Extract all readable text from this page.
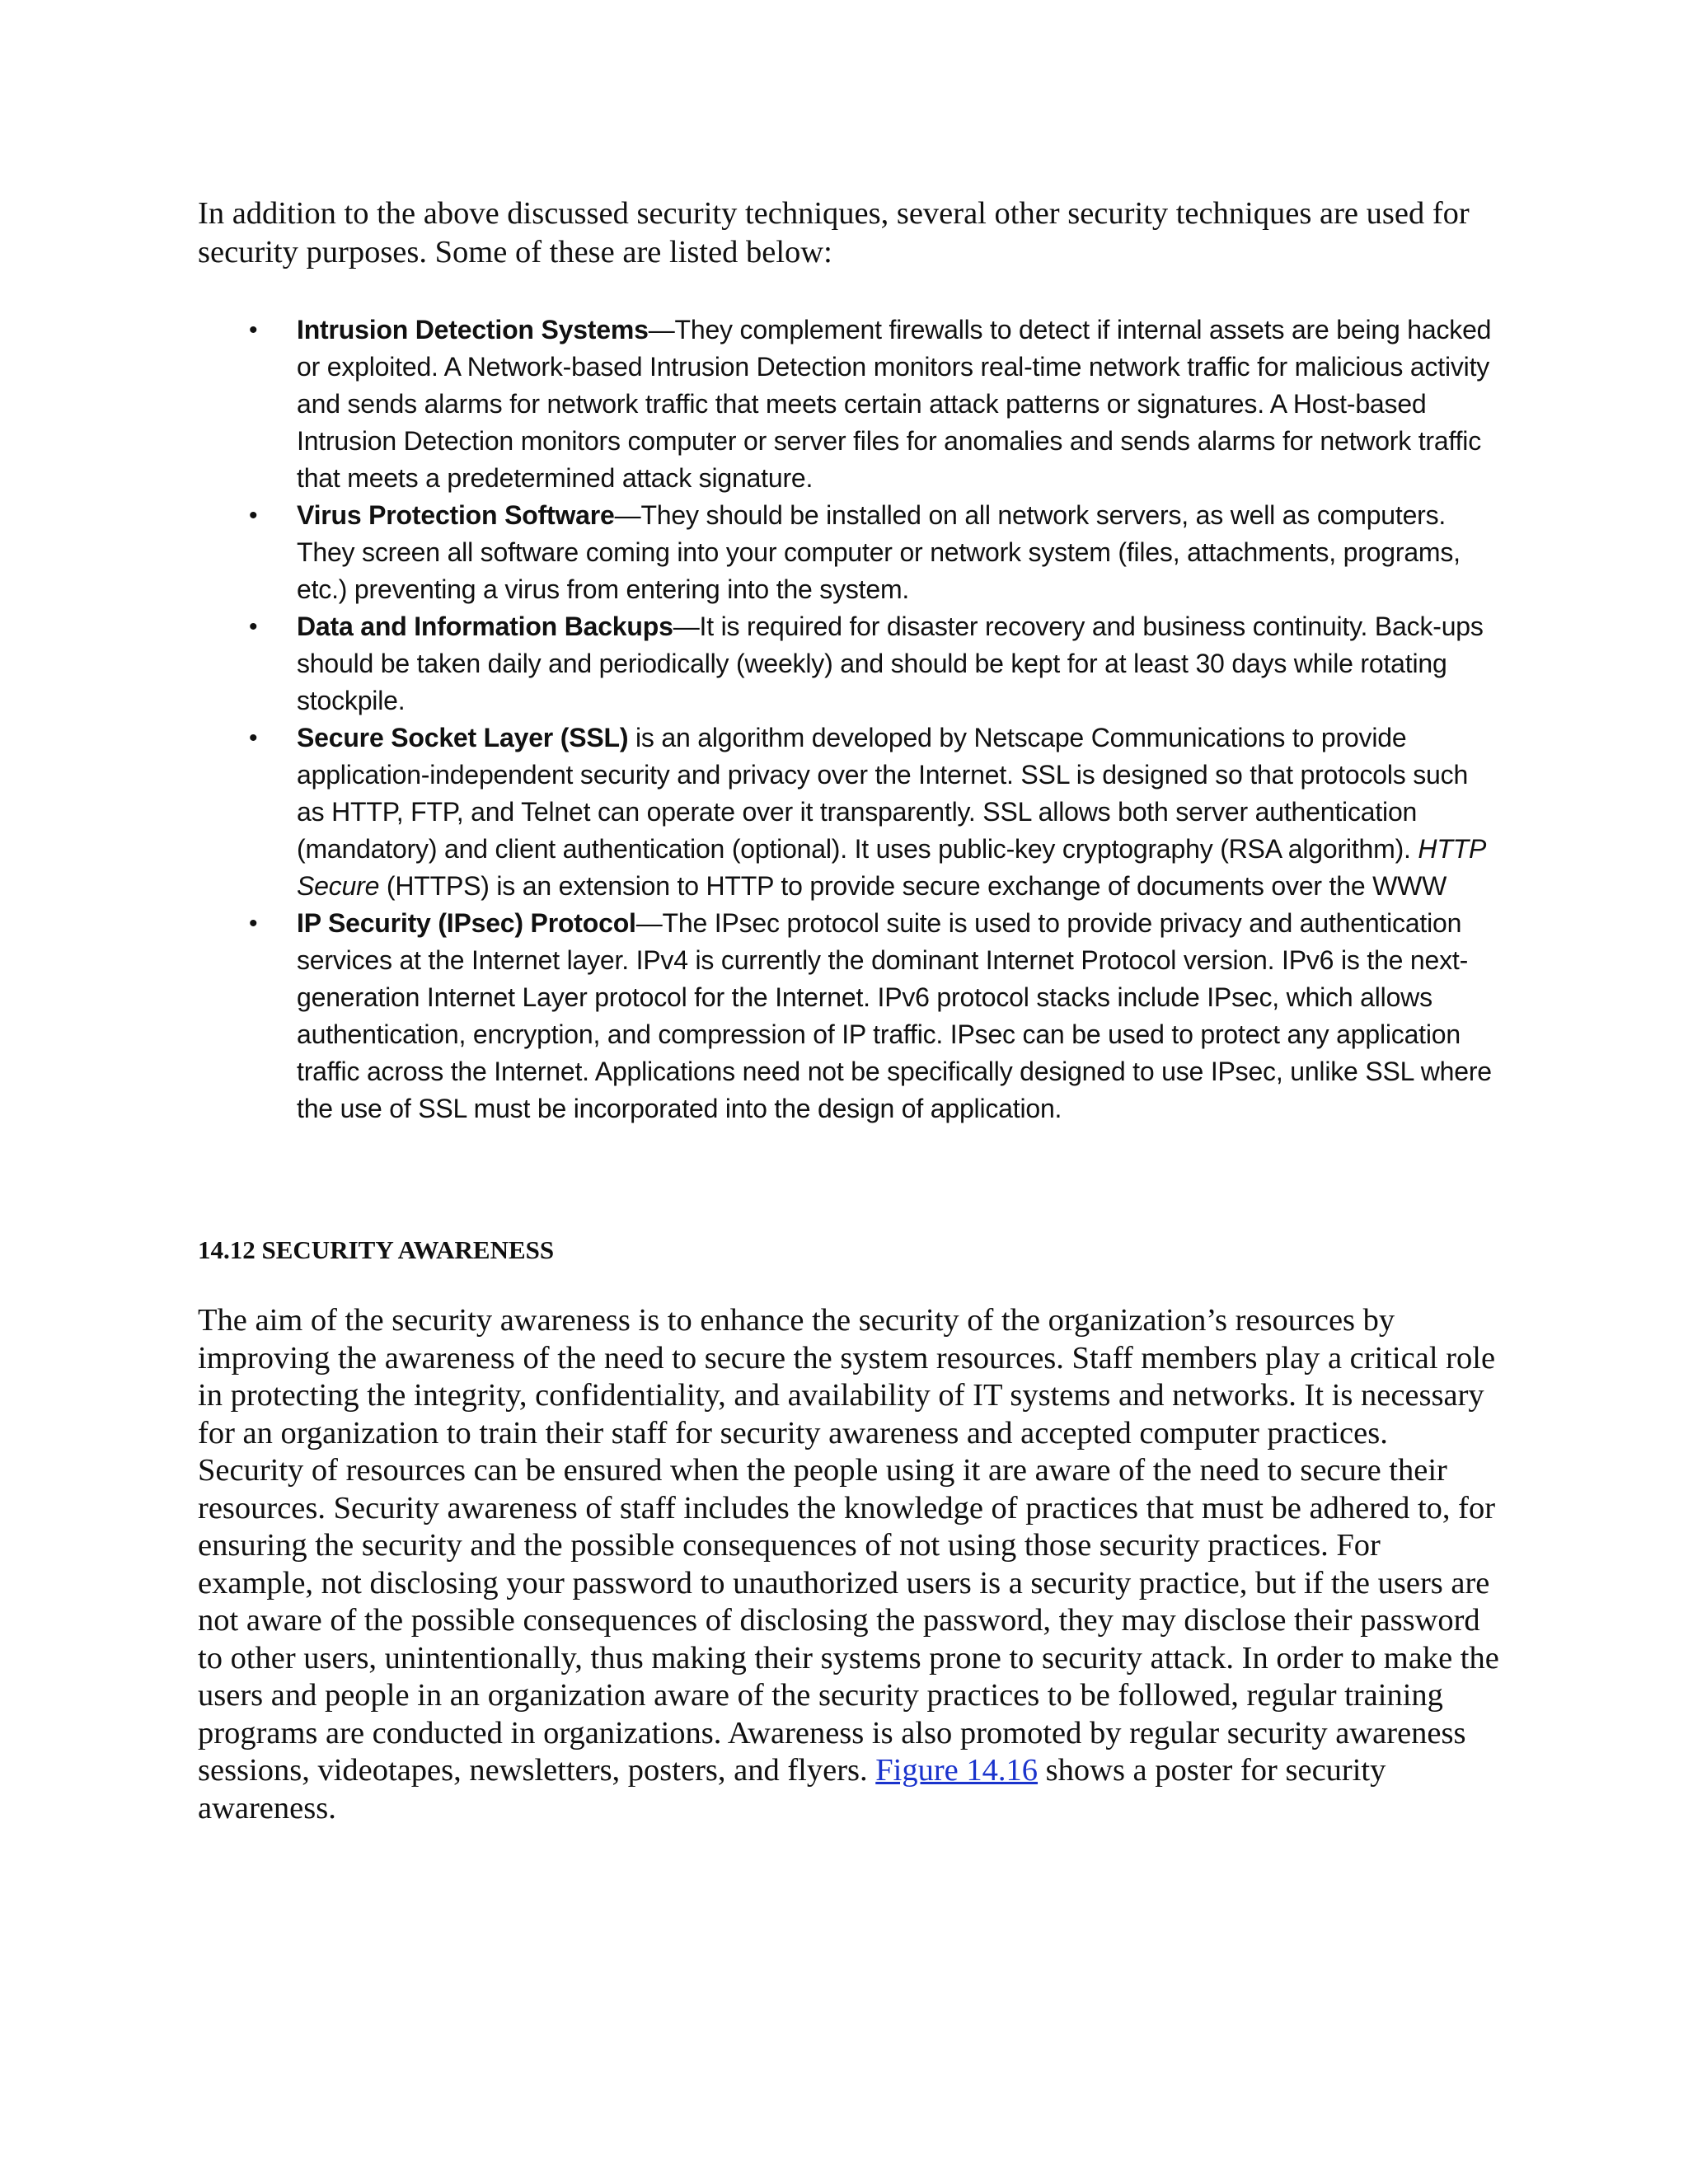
In addition to the above discussed security techniques, several other security techniques are used for security purposes. Some of these are listed below:

• Intrusion Detection Systems—They complement firewalls to detect if internal assets are being hacked or exploited. A Network-based Intrusion Detection monitors real-time network traffic for malicious activity and sends alarms for network traffic that meets certain attack patterns or signatures. A Host-based Intrusion Detection monitors computer or server files for anomalies and sends alarms for network traffic that meets a predetermined attack signature.
• Virus Protection Software—They should be installed on all network servers, as well as computers. They screen all software coming into your computer or network system (files, attachments, programs, etc.) preventing a virus from entering into the system.
• Data and Information Backups—It is required for disaster recovery and business continuity. Back-ups should be taken daily and periodically (weekly) and should be kept for at least 30 days while rotating stockpile.
• Secure Socket Layer (SSL) is an algorithm developed by Netscape Communications to provide application-independent security and privacy over the Internet. SSL is designed so that protocols such as HTTP, FTP, and Telnet can operate over it transparently. SSL allows both server authentication (mandatory) and client authentication (optional). It uses public-key cryptography (RSA algorithm). HTTP Secure (HTTPS) is an extension to HTTP to provide secure exchange of documents over the WWW
• IP Security (IPsec) Protocol—The IPsec protocol suite is used to provide privacy and authentication services at the Internet layer. IPv4 is currently the dominant Internet Protocol version. IPv6 is the next-generation Internet Layer protocol for the Internet. IPv6 protocol stacks include IPsec, which allows authentication, encryption, and compression of IP traffic. IPsec can be used to protect any application traffic across the Internet. Applications need not be specifically designed to use IPsec, unlike SSL where the use of SSL must be incorporated into the design of application.
14.12 SECURITY AWARENESS

The aim of the security awareness is to enhance the security of the organization’s resources by improving the awareness of the need to secure the system resources. Staff members play a critical role in protecting the integrity, confidentiality, and availability of IT systems and networks. It is necessary for an organization to train their staff for security awareness and accepted computer practices. Security of resources can be ensured when the people using it are aware of the need to secure their resources. Security awareness of staff includes the knowledge of practices that must be adhered to, for ensuring the security and the possible consequences of not using those security practices. For example, not disclosing your password to unauthorized users is a security practice, but if the users are not aware of the possible consequences of disclosing the password, they may disclose their password to other users, unintentionally, thus making their systems prone to security attack. In order to make the users and people in an organization aware of the security practices to be followed, regular training programs are conducted in organizations. Awareness is also promoted by regular security awareness sessions, videotapes, newsletters, posters, and flyers. Figure 14.16 shows a poster for security awareness.
